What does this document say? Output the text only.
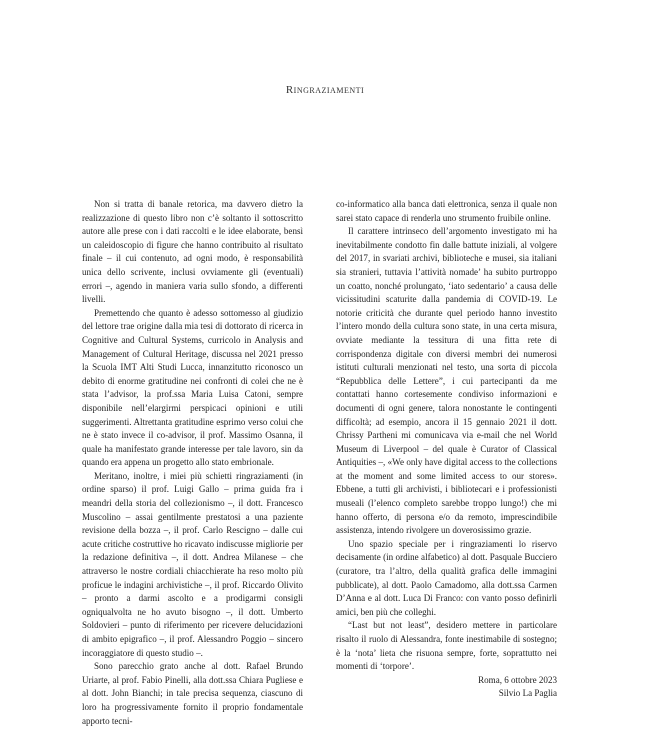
Ringraziamenti

Non si tratta di banale retorica, ma davvero dietro la realizzazione di questo libro non c’è soltanto il sottoscritto autore alle prese con i dati raccolti e le idee elaborate, bensì un caleidoscopio di figure che hanno contribuito al risultato finale – il cui contenuto, ad ogni modo, è responsabilità unica dello scrivente, inclusi ovviamente gli (eventuali) errori –, agendo in maniera varia sullo sfondo, a differenti livelli.

Premettendo che quanto è adesso sottomesso al giudizio del lettore trae origine dalla mia tesi di dottorato di ricerca in Cognitive and Cultural Systems, curricolo in Analysis and Management of Cultural Heritage, discussa nel 2021 presso la Scuola IMT Alti Studi Lucca, innanzitutto riconosco un debito di enorme gratitudine nei confronti di colei che ne è stata l’advisor, la prof.ssa Maria Luisa Catoni, sempre disponibile nell’elargirmi perspicaci opinioni e utili suggerimenti. Altrettanta gratitudine esprimo verso colui che ne è stato invece il co-advisor, il prof. Massimo Osanna, il quale ha manifestato grande interesse per tale lavoro, sin da quando era appena un progetto allo stato embrionale.

Meritano, inoltre, i miei più schietti ringraziamenti (in ordine sparso) il prof. Luigi Gallo – prima guida fra i meandri della storia del collezionismo –, il dott. Francesco Muscolino – assai gentilmente prestatosi a una paziente revisione della bozza –, il prof. Carlo Rescigno – dalle cui acute critiche costruttive ho ricavato indiscusse migliorie per la redazione definitiva –, il dott. Andrea Milanese – che attraverso le nostre cordiali chiacchierate ha reso molto più proficue le indagini archivistiche –, il prof. Riccardo Olivito – pronto a darmi ascolto e a prodigarmi consigli ogniqualvolta ne ho avuto bisogno –, il dott. Umberto Soldovieri – punto di riferimento per ricevere delucidazioni di ambito epigrafico –, il prof. Alessandro Poggio – sincero incoraggiatore di questo studio –.

Sono parecchio grato anche al dott. Rafael Brundo Uriarte, al prof. Fabio Pinelli, alla dott.ssa Chiara Pugliese e al dott. John Bianchi; in tale precisa sequenza, ciascuno di loro ha progressivamente fornito il proprio fondamentale apporto tecni-

co-informatico alla banca dati elettronica, senza il quale non sarei stato capace di renderla uno strumento fruibile online.

Il carattere intrinseco dell’argomento investigato mi ha inevitabilmente condotto fin dalle battute iniziali, al volgere del 2017, in svariati archivi, biblioteche e musei, sia italiani sia stranieri, tuttavia l’attività nomade’ ha subito purtroppo un coatto, nonché prolungato, ‘iato sedentario’ a causa delle vicissitudini scaturite dalla pandemia di COVID-19. Le notorie criticità che durante quel periodo hanno investito l’intero mondo della cultura sono state, in una certa misura, ovviate mediante la tessitura di una fitta rete di corrispondenza digitale con diversi membri dei numerosi istituti culturali menzionati nel testo, una sorta di piccola “Repubblica delle Lettere”, i cui partecipanti da me contattati hanno cortesemente condiviso informazioni e documenti di ogni genere, talora nonostante le contingenti difficoltà; ad esempio, ancora il 15 gennaio 2021 il dott. Chrissy Partheni mi comunicava via e-mail che nel World Museum di Liverpool – del quale è Curator of Classical Antiquities –, «We only have digital access to the collections at the moment and some limited access to our stores». Ebbene, a tutti gli archivisti, i bibliotecari e i professionisti museali (l’elenco completo sarebbe troppo lungo!) che mi hanno offerto, di persona e/o da remoto, imprescindibile assistenza, intendo rivolgere un doverosissimo grazie.

Uno spazio speciale per i ringraziamenti lo riservo decisamente (in ordine alfabetico) al dott. Pasquale Bucciero (curatore, tra l’altro, della qualità grafica delle immagini pubblicate), al dott. Paolo Camadomo, alla dott.ssa Carmen D’Anna e al dott. Luca Di Franco: con vanto posso definirli amici, ben più che colleghi.

“Last but not least”, desidero mettere in particolare risalto il ruolo di Alessandra, fonte inestimabile di sostegno; è la ‘nota’ lieta che risuona sempre, forte, soprattutto nei momenti di ‘torpore’.

Roma, 6 ottobre 2023
Silvio La Paglia
